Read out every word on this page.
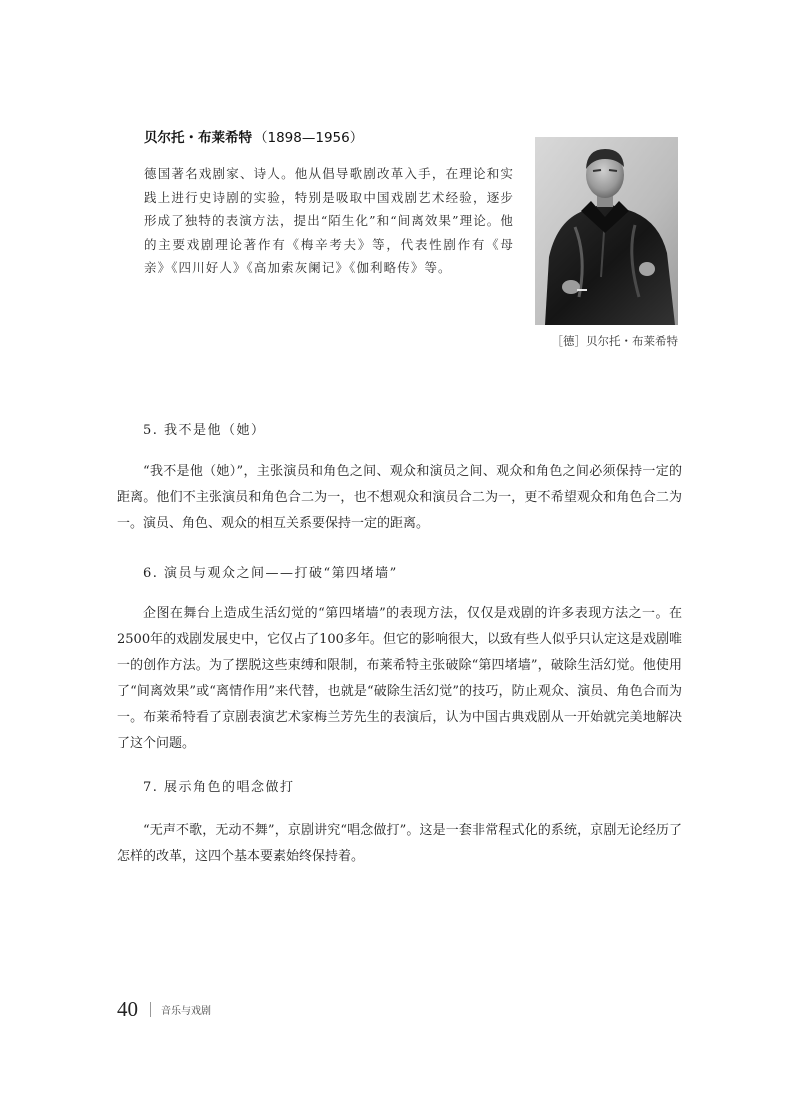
贝尔托・布莱希特 （1898—1956）
德国著名戏剧家、诗人。他从倡导歌剧改革入手，在理论和实践上进行史诗剧的实验，特别是吸取中国戏剧艺术经验，逐步形成了独特的表演方法，提出“陌生化”和“间离效果”理论。他的主要戏剧理论著作有《梅辛考夫》等，代表性剧作有《母亲》《四川好人》《高加索灰阑记》《伽利略传》等。
［德］贝尔托・布莱希特
5. 我不是他（她）
“我不是他（她）”，主张演员和角色之间、观众和演员之间、观众和角色之间必须保持一定的距离。他们不主张演员和角色合二为一，也不想观众和演员合二为一，更不希望观众和角色合二为一。演员、角色、观众的相互关系要保持一定的距离。
6. 演员与观众之间——打破“第四堵墙”
企图在舞台上造成生活幻觉的“第四堵墙”的表现方法，仅仅是戏剧的许多表现方法之一。在2500年的戏剧发展史中，它仅占了100多年。但它的影响很大，以致有些人似乎只认定这是戏剧唯一的创作方法。为了摆脱这些束缚和限制，布莱希特主张破除“第四堵墙”，破除生活幻觉。他使用了“间离效果”或“离情作用”来代替，也就是“破除生活幻觉”的技巧，防止观众、演员、角色合而为一。布莱希特看了京剧表演艺术家梅兰芳先生的表演后，认为中国古典戏剧从一开始就完美地解决了这个问题。
7. 展示角色的唱念做打
“无声不歌，无动不舞”，京剧讲究“唱念做打”。这是一套非常程式化的系统，京剧无论经历了怎样的改革，这四个基本要素始终保持着。
40 音乐与戏剧
